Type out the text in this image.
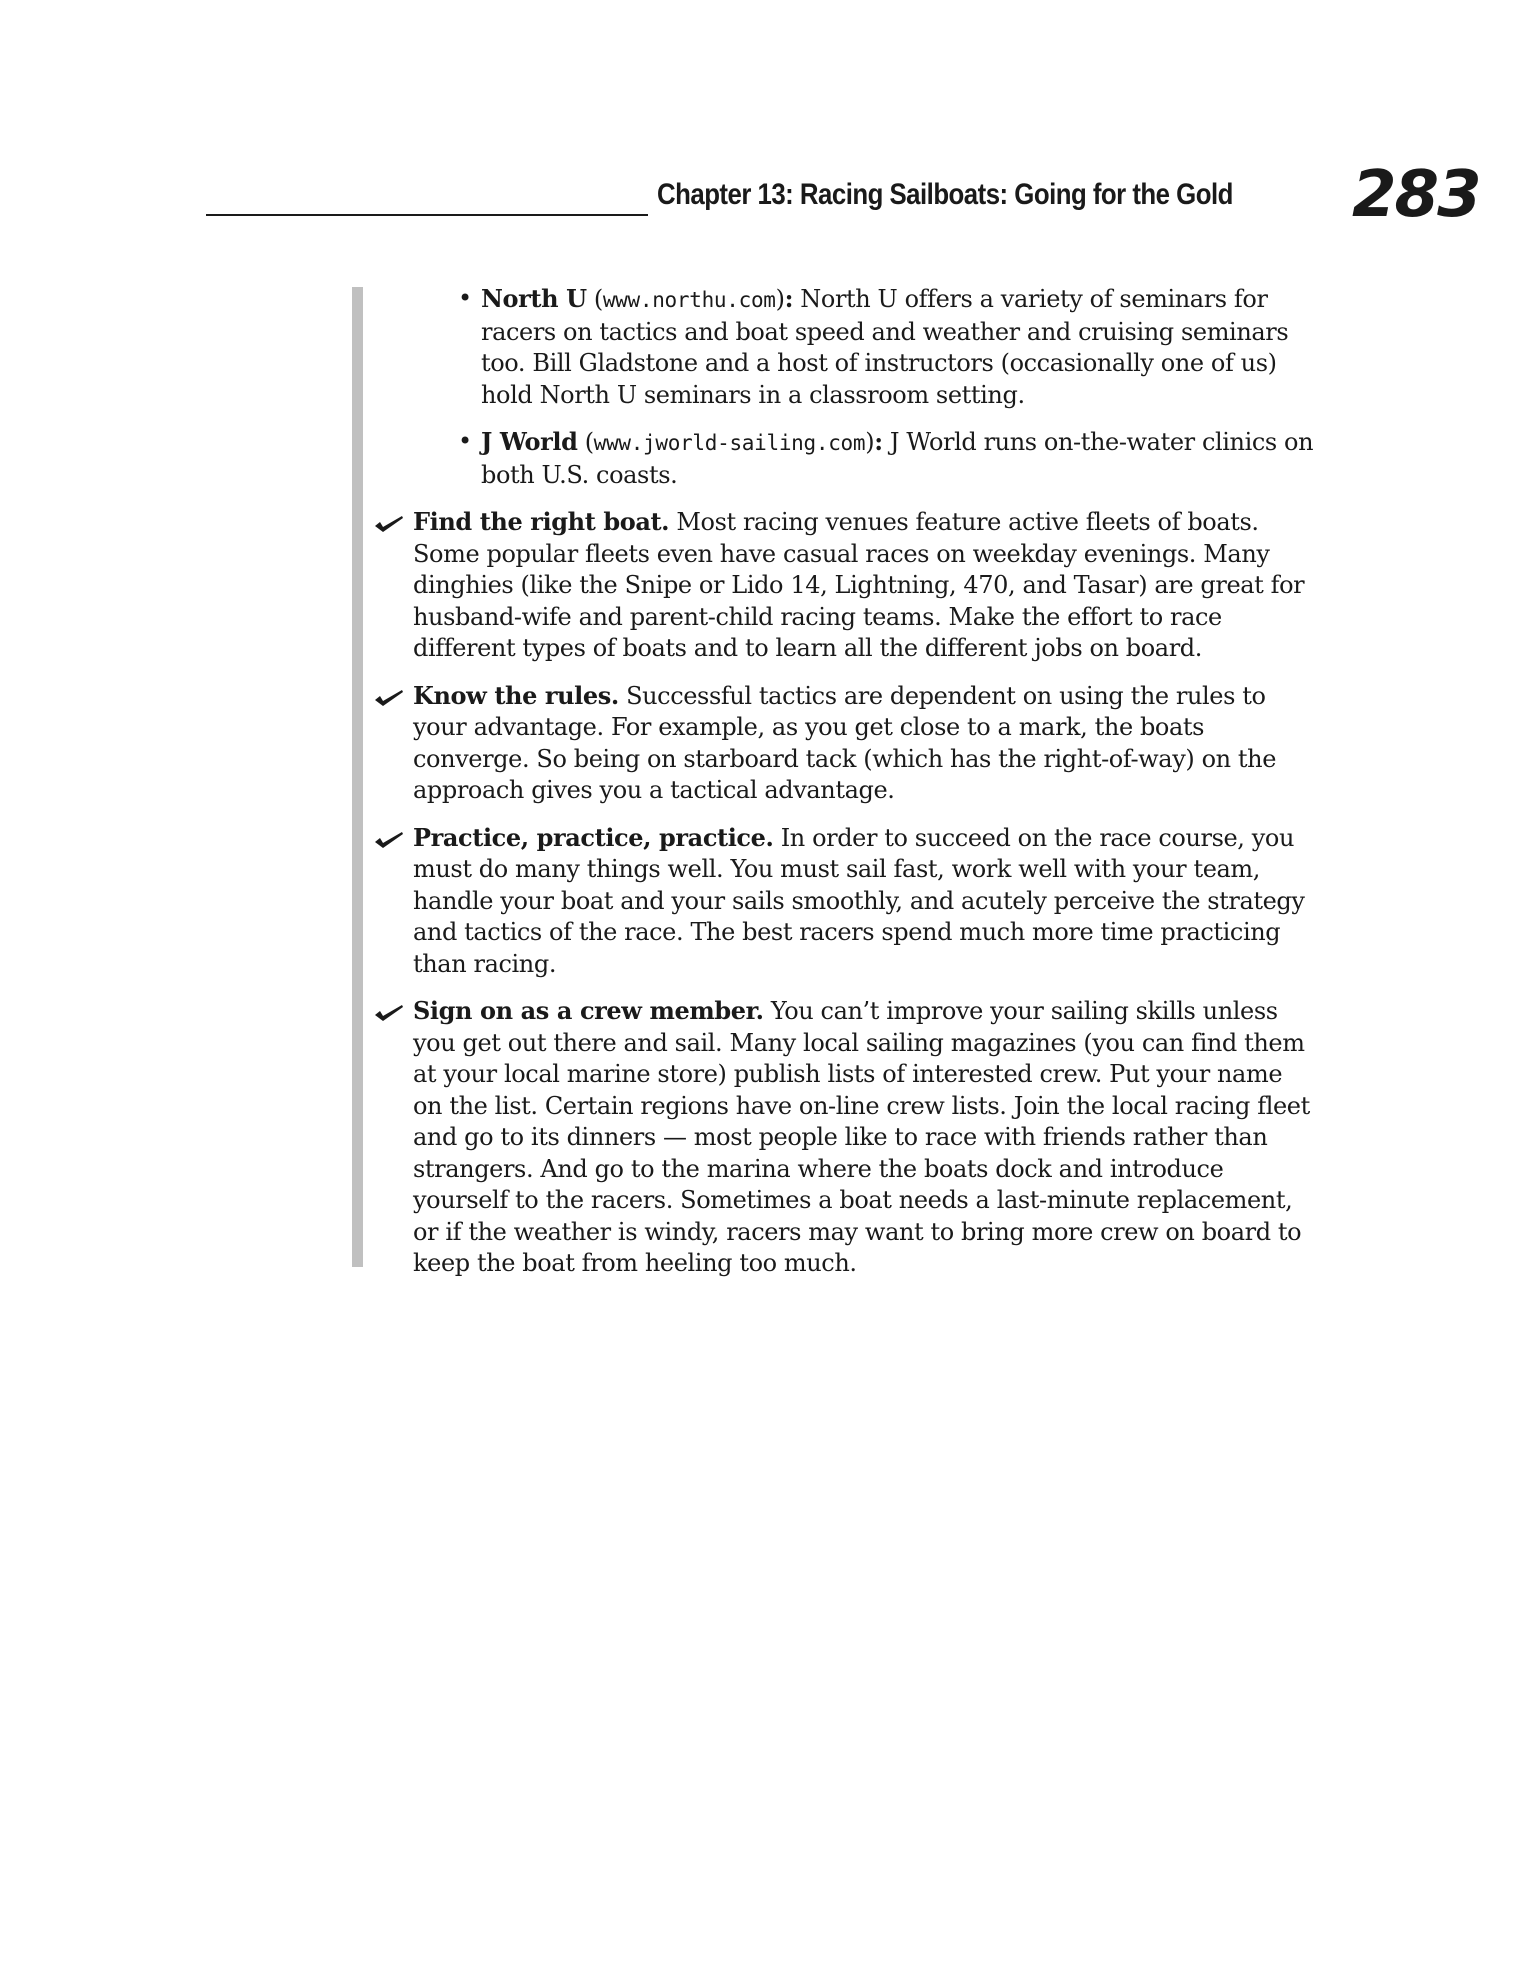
Chapter 13: Racing Sailboats: Going for the Gold 283
• North U (www.northu.com): North U offers a variety of seminars for racers on tactics and boat speed and weather and cruising seminars too. Bill Gladstone and a host of instructors (occasionally one of us) hold North U seminars in a classroom setting.
• J World (www.jworld-sailing.com): J World runs on-the-water clinics on both U.S. coasts.
Find the right boat. Most racing venues feature active fleets of boats. Some popular fleets even have casual races on weekday evenings. Many dinghies (like the Snipe or Lido 14, Lightning, 470, and Tasar) are great for husband-wife and parent-child racing teams. Make the effort to race different types of boats and to learn all the different jobs on board.
Know the rules. Successful tactics are dependent on using the rules to your advantage. For example, as you get close to a mark, the boats converge. So being on starboard tack (which has the right-of-way) on the approach gives you a tactical advantage.
Practice, practice, practice. In order to succeed on the race course, you must do many things well. You must sail fast, work well with your team, handle your boat and your sails smoothly, and acutely perceive the strategy and tactics of the race. The best racers spend much more time practicing than racing.
Sign on as a crew member. You can’t improve your sailing skills unless you get out there and sail. Many local sailing magazines (you can find them at your local marine store) publish lists of interested crew. Put your name on the list. Certain regions have on-line crew lists. Join the local racing fleet and go to its dinners — most people like to race with friends rather than strangers. And go to the marina where the boats dock and introduce yourself to the racers. Sometimes a boat needs a last-minute replacement, or if the weather is windy, racers may want to bring more crew on board to keep the boat from heeling too much.
